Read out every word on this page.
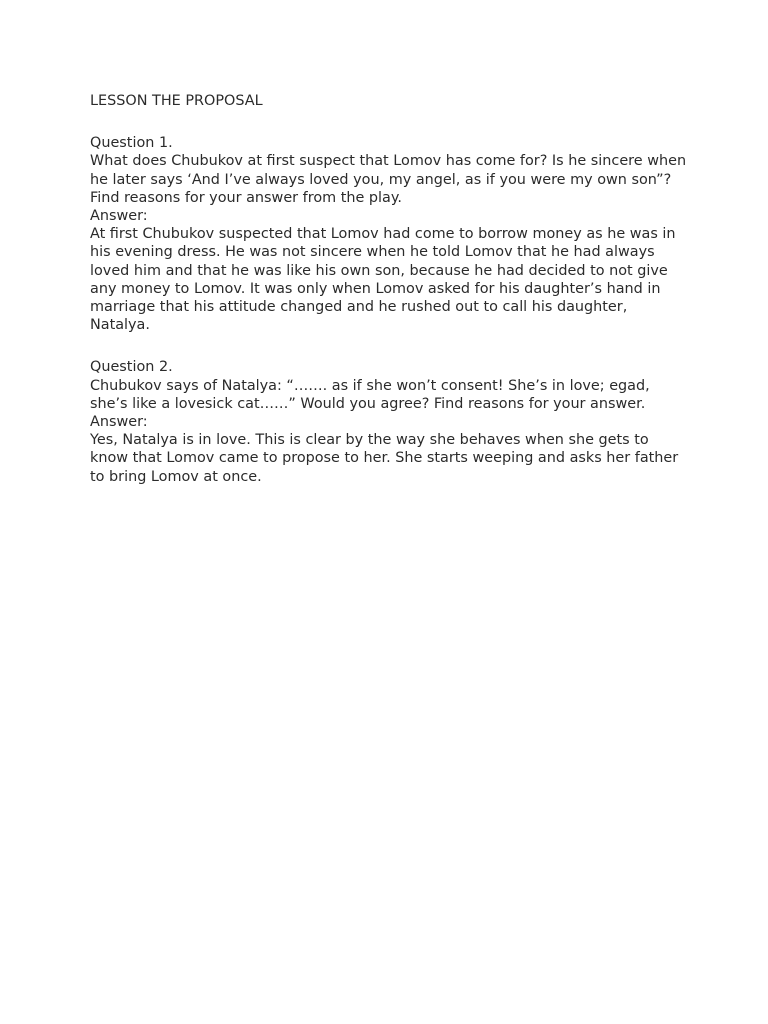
LESSON THE PROPOSAL
Question 1.
What does Chubukov at first suspect that Lomov has come for? Is he sincere when he later says ‘And I’ve always loved you, my angel, as if you were my own son”? Find reasons for your answer from the play.
Answer:
At first Chubukov suspected that Lomov had come to borrow money as he was in his evening dress. He was not sincere when he told Lomov that he had always loved him and that he was like his own son, because he had decided to not give any money to Lomov. It was only when Lomov asked for his daughter’s hand in marriage that his attitude changed and he rushed out to call his daughter, Natalya.
Question 2.
Chubukov says of Natalya: “……. as if she won’t consent! She’s in love; egad, she’s like a lovesick cat……” Would you agree? Find reasons for your answer.
Answer:
Yes, Natalya is in love. This is clear by the way she behaves when she gets to know that Lomov came to propose to her. She starts weeping and asks her father to bring Lomov at once.
